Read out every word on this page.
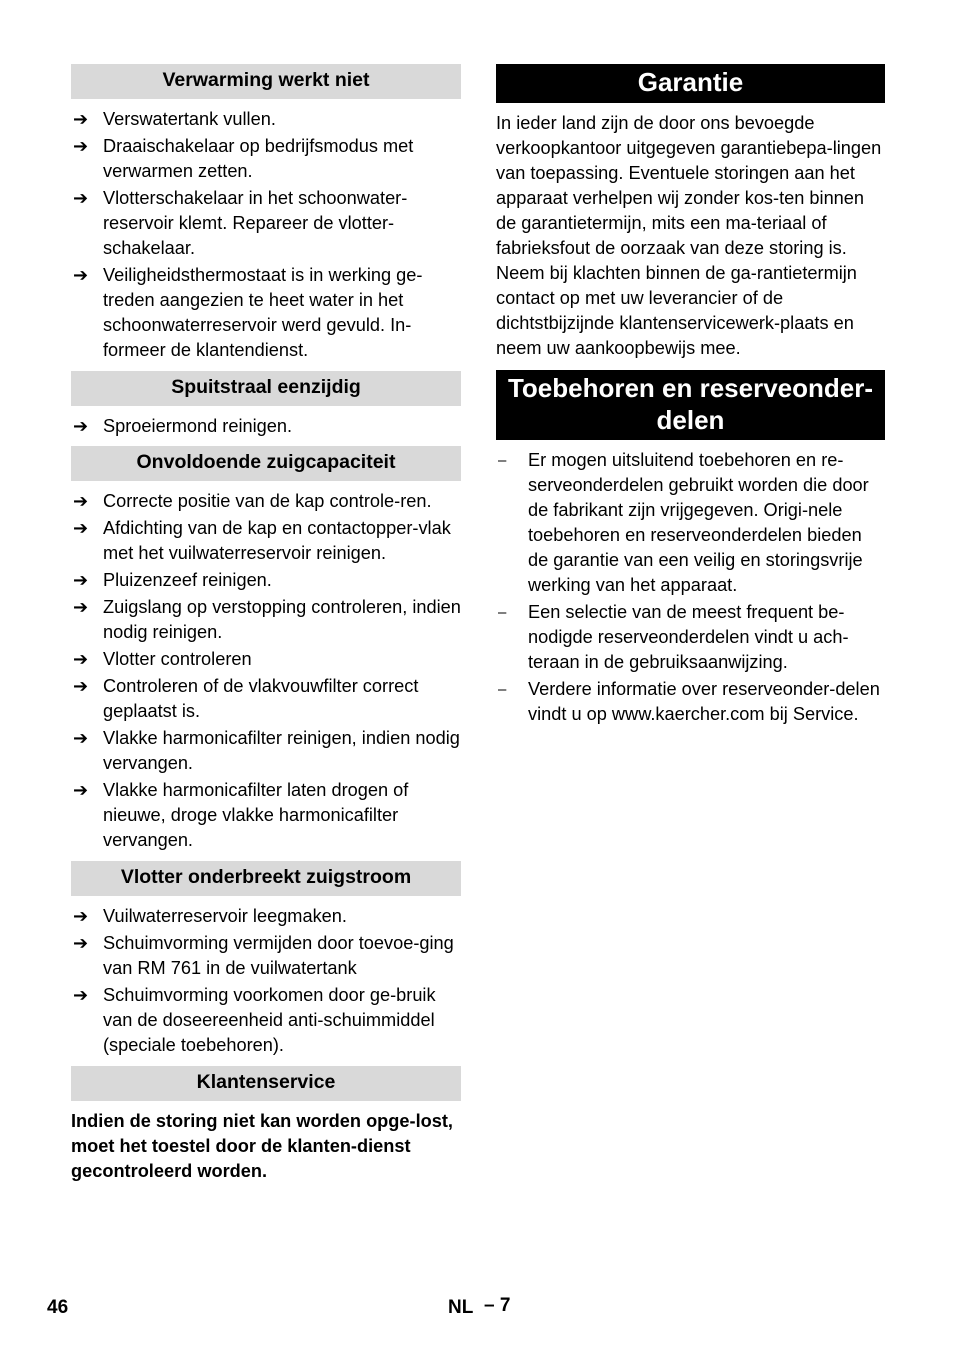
Verwarming werkt niet
➔ Verswatertank vullen.
➔ Draaischakelaar op bedrijfsmodus met verwarmen zetten.
➔ Vlotterschakelaar in het schoonwater-reservoir klemt. Repareer de vlotter-schakelaar.
➔ Veiligheidsthermostaat is in werking ge-treden aangezien te heet water in het schoonwaterreservoir werd gevuld. In-formeer de klantendienst.
Spuitstraal eenzijdig
➔ Sproeiermond reinigen.
Onvoldoende zuigcapaciteit
➔ Correcte positie van de kap controle-ren.
➔ Afdichting van de kap en contactopper-vlak met het vuilwaterreservoir reinigen.
➔ Pluizenzeef reinigen.
➔ Zuigslang op verstopping controleren, indien nodig reinigen.
➔ Vlotter controleren
➔ Controleren of de vlakvouwfilter correct geplaatst is.
➔ Vlakke harmonicafilter reinigen, indien nodig vervangen.
➔ Vlakke harmonicafilter laten drogen of nieuwe, droge vlakke harmonicafilter vervangen.
Vlotter onderbreekt zuigstroom
➔ Vuilwaterreservoir leegmaken.
➔ Schuimvorming vermijden door toevoe-ging van RM 761 in de vuilwatertank
➔ Schuimvorming voorkomen door ge-bruik van de doseereenheid anti-schuimmiddel (speciale toebehoren).
Klantenservice

Indien de storing niet kan worden opge-lost, moet het toestel door de klanten-dienst gecontroleerd worden.

Garantie

In ieder land zijn de door ons bevoegde verkoopkantoor uitgegeven garantiebepa-lingen van toepassing. Eventuele storingen aan het apparaat verhelpen wij zonder kos-ten binnen de garantietermijn, mits een ma-teriaal of fabrieksfout de oorzaak van deze storing is. Neem bij klachten binnen de ga-rantietermijn contact op met uw leverancier of de dichtstbijzijnde klantenservicewerk-plaats en neem uw aankoopbewijs mee.

Toebehoren en reserveonder-
delen
– Er mogen uitsluitend toebehoren en re-serveonderdelen gebruikt worden die door de fabrikant zijn vrijgegeven. Origi-nele toebehoren en reserveonderdelen bieden de garantie van een veilig en storingsvrije werking van het apparaat.
– Een selectie van de meest frequent be-nodigde reserveonderdelen vindt u ach-teraan in de gebruiksaanwijzing.
– Verdere informatie over reserveonder-delen vindt u op www.kaercher.com bij Service.
46	NL – 7
